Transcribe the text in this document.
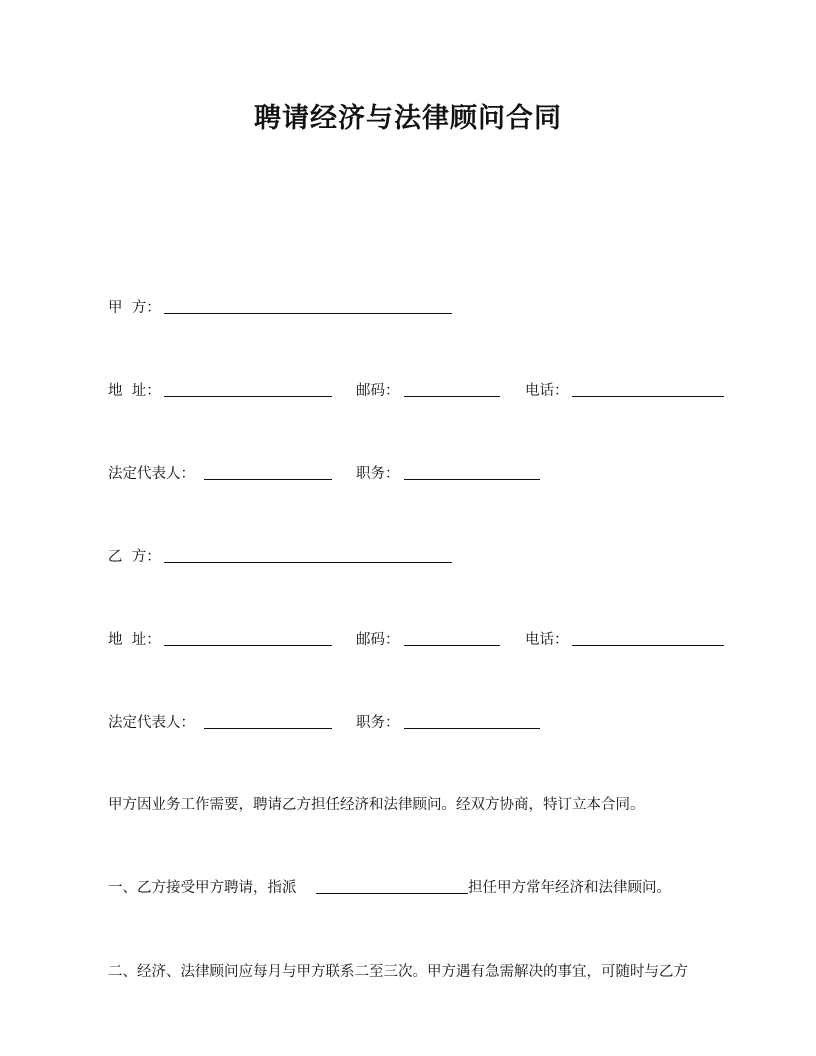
聘请经济与法律顾问合同
甲  方：
地  址：	邮码：	电话：
法定代表人：	职务：
乙  方：
地  址：	邮码：	电话：
法定代表人：	职务：
甲方因业务工作需要，聘请乙方担任经济和法律顾问。经双方协商，特订立本合同。
一、乙方接受甲方聘请，指派	担任甲方常年经济和法律顾问。
二、经济、法律顾问应每月与甲方联系二至三次。甲方遇有急需解决的事宜，可随时与乙方
